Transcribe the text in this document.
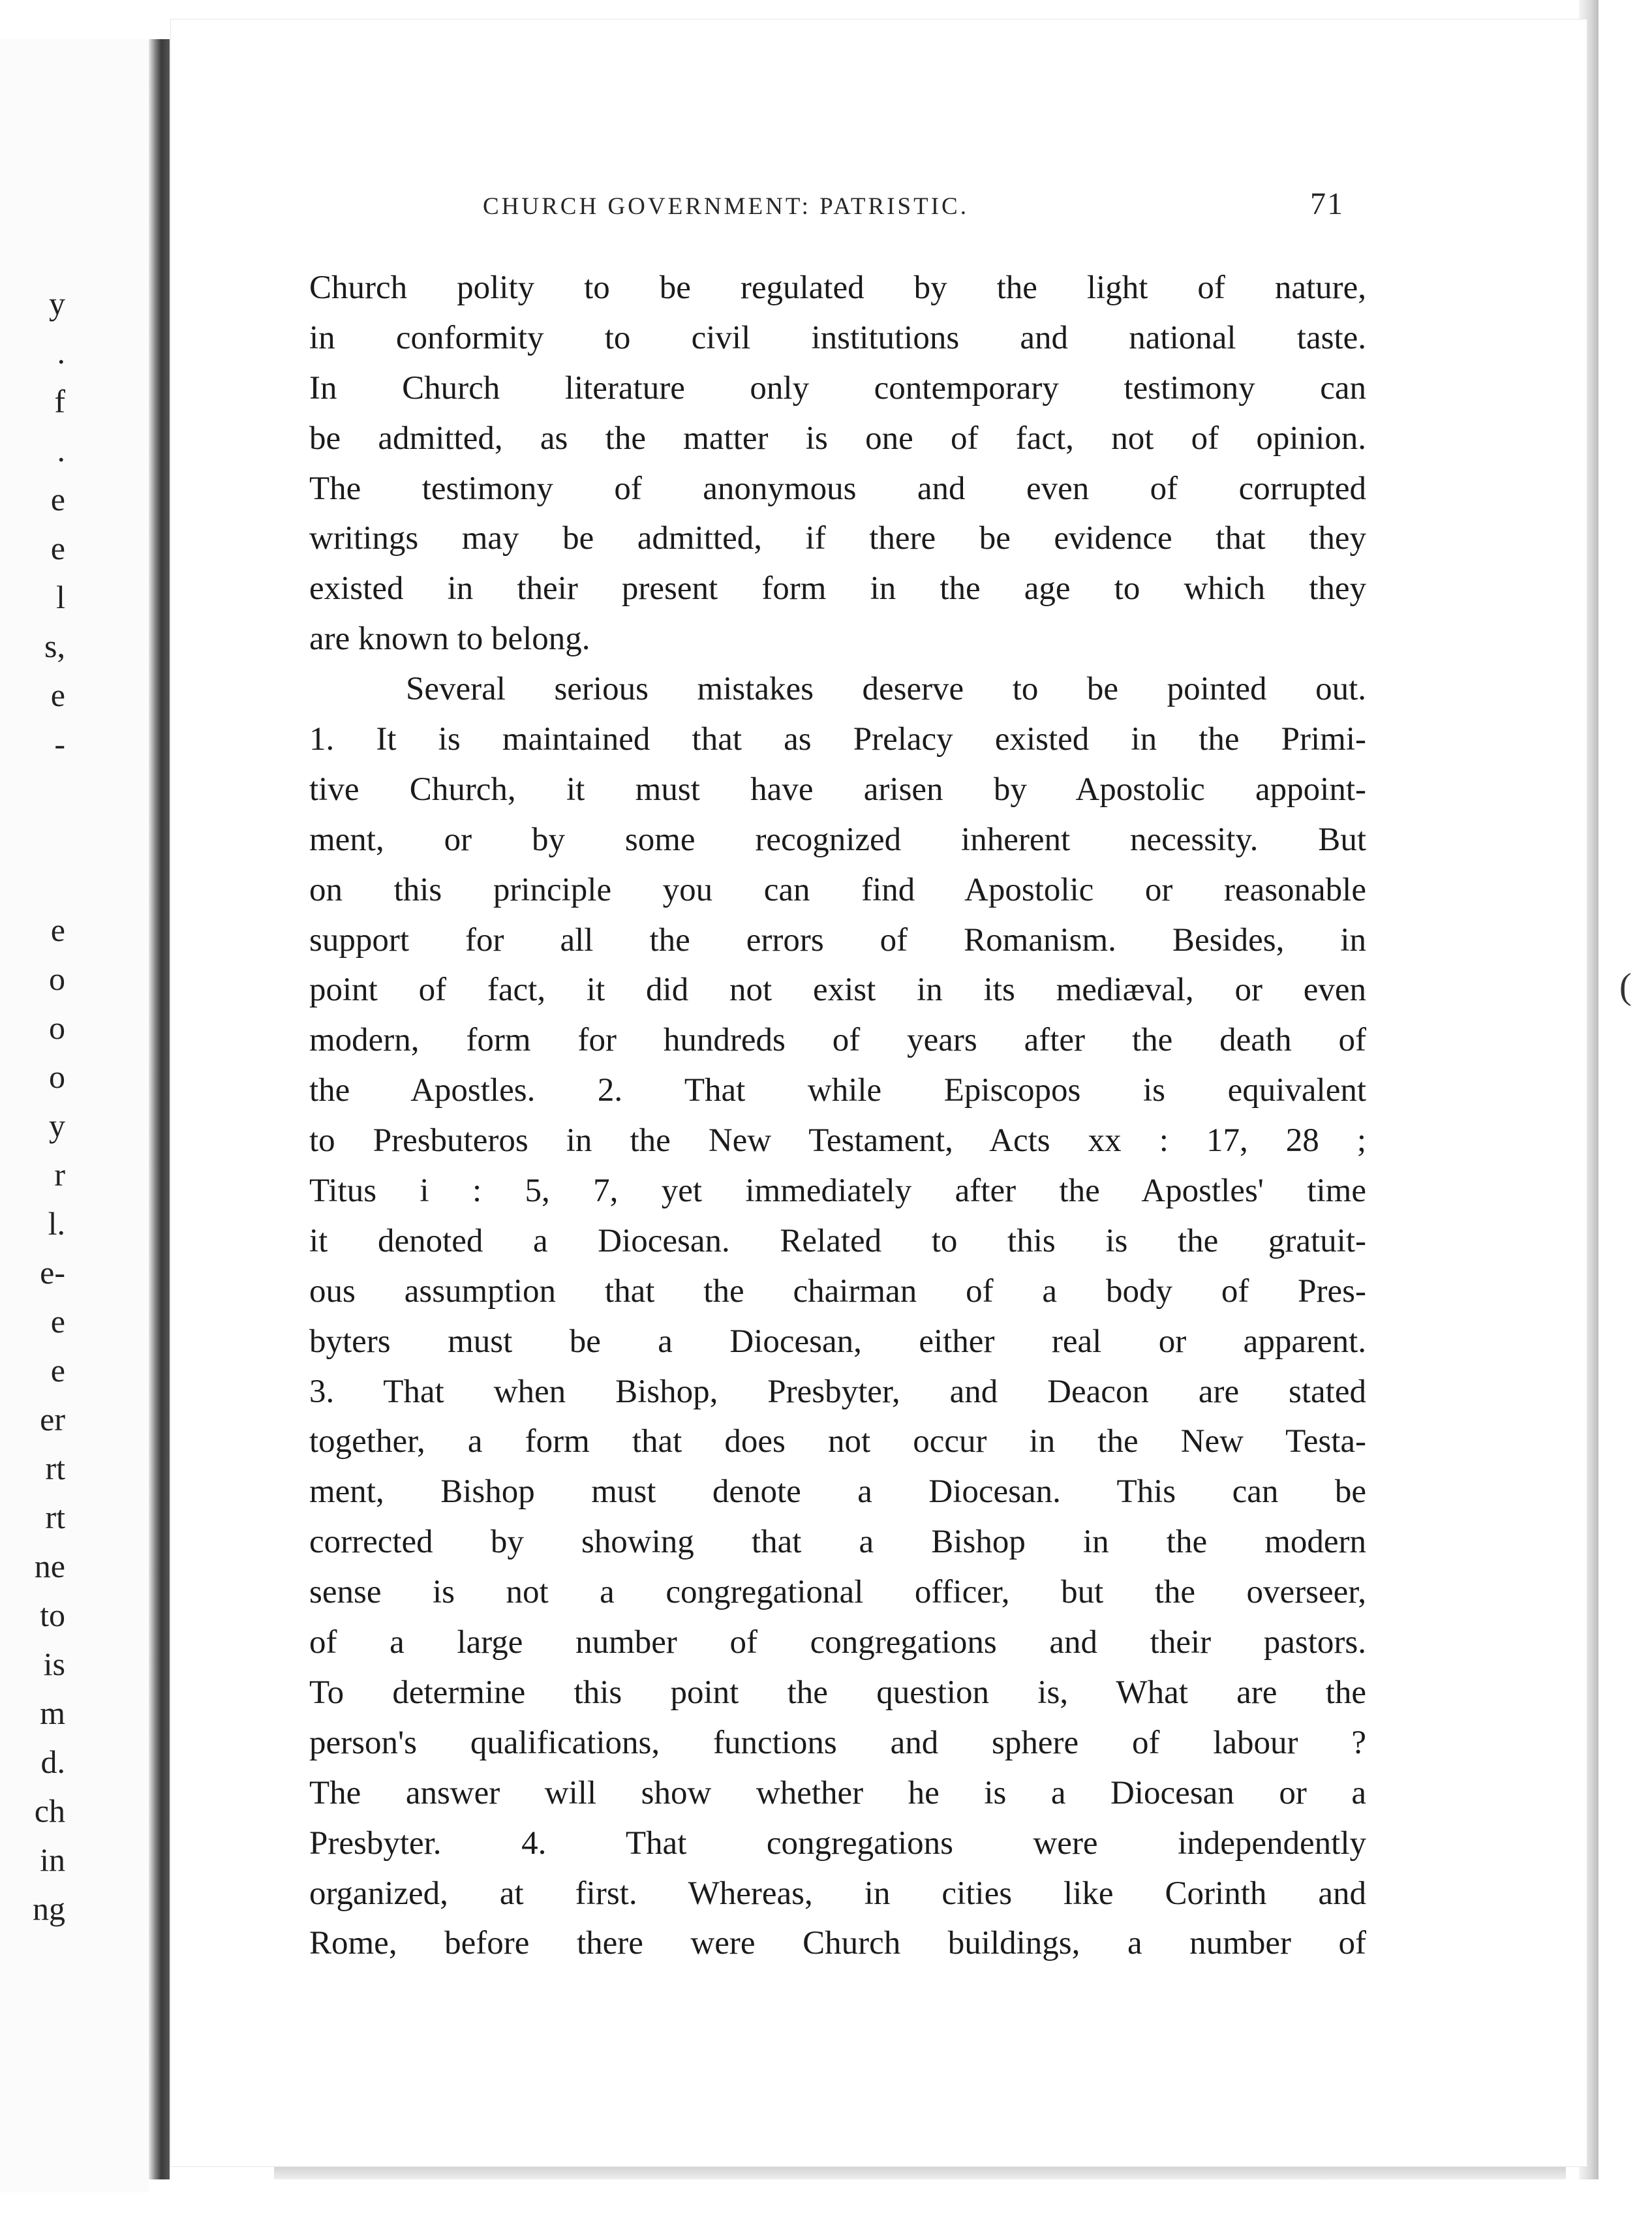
y
.
f
.
e
e
l
s,
e
-
e
o
o
o
y
r
l.
e-
e
e
er
rt
rt
ne
to
is
m
d.
ch
in
ng
CHURCH GOVERNMENT: PATRISTIC.	71
Church polity to be regulated by the light of nature,
in conformity to civil institutions and national taste.
In Church literature only contemporary testimony can
be admitted, as the matter is one of fact, not of opinion.
The testimony of anonymous and even of corrupted
writings may be admitted, if there be evidence that they
existed in their present form in the age to which they
are known to belong.
Several serious mistakes deserve to be pointed out.
1. It is maintained that as Prelacy existed in the Primi-
tive Church, it must have arisen by Apostolic appoint-
ment, or by some recognized inherent necessity. But
on this principle you can find Apostolic or reasonable
support for all the errors of Romanism. Besides, in
point of fact, it did not exist in its mediæval, or even
modern, form for hundreds of years after the death of
the Apostles. 2. That while Episcopos is equivalent
to Presbuteros in the New Testament, Acts xx : 17, 28 ;
Titus i : 5, 7, yet immediately after the Apostles' time
it denoted a Diocesan. Related to this is the gratuit-
ous assumption that the chairman of a body of Pres-
byters must be a Diocesan, either real or apparent.
3. That when Bishop, Presbyter, and Deacon are stated
together, a form that does not occur in the New Testa-
ment, Bishop must denote a Diocesan. This can be
corrected by showing that a Bishop in the modern
sense is not a congregational officer, but the overseer,
of a large number of congregations and their pastors.
To determine this point the question is, What are the
person's qualifications, functions and sphere of labour ?
The answer will show whether he is a Diocesan or a
Presbyter. 4. That congregations were independently
organized, at first. Whereas, in cities like Corinth and
Rome, before there were Church buildings, a number of
(
